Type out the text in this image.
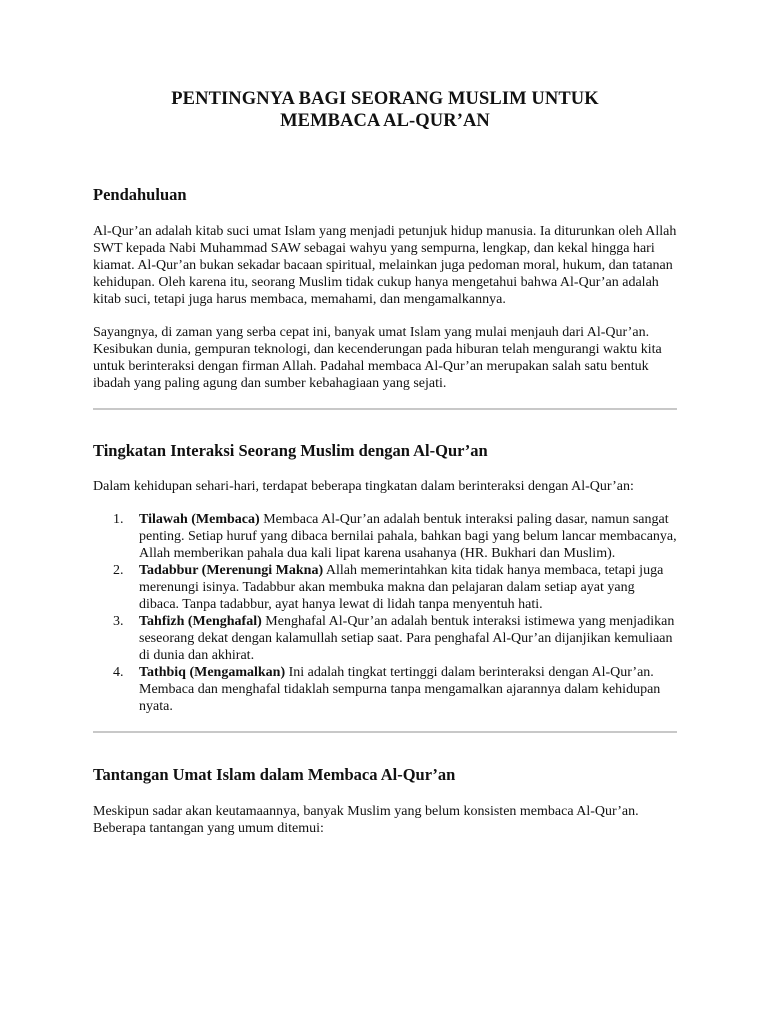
PENTINGNYA BAGI SEORANG MUSLIM UNTUK
MEMBACA AL-QUR’AN
Pendahuluan

Al-Qur’an adalah kitab suci umat Islam yang menjadi petunjuk hidup manusia. Ia diturunkan oleh Allah SWT kepada Nabi Muhammad SAW sebagai wahyu yang sempurna, lengkap, dan kekal hingga hari kiamat. Al-Qur’an bukan sekadar bacaan spiritual, melainkan juga pedoman moral, hukum, dan tatanan kehidupan. Oleh karena itu, seorang Muslim tidak cukup hanya mengetahui bahwa Al-Qur’an adalah kitab suci, tetapi juga harus membaca, memahami, dan mengamalkannya.

Sayangnya, di zaman yang serba cepat ini, banyak umat Islam yang mulai menjauh dari Al-Qur’an. Kesibukan dunia, gempuran teknologi, dan kecenderungan pada hiburan telah mengurangi waktu kita untuk berinteraksi dengan firman Allah. Padahal membaca Al-Qur’an merupakan salah satu bentuk ibadah yang paling agung dan sumber kebahagiaan yang sejati.

Tingkatan Interaksi Seorang Muslim dengan Al-Qur’an

Dalam kehidupan sehari-hari, terdapat beberapa tingkatan dalam berinteraksi dengan Al-Qur’an:

1. Tilawah (Membaca) Membaca Al-Qur’an adalah bentuk interaksi paling dasar, namun sangat penting. Setiap huruf yang dibaca bernilai pahala, bahkan bagi yang belum lancar membacanya, Allah memberikan pahala dua kali lipat karena usahanya (HR. Bukhari dan Muslim).
2. Tadabbur (Merenungi Makna) Allah memerintahkan kita tidak hanya membaca, tetapi juga merenungi isinya. Tadabbur akan membuka makna dan pelajaran dalam setiap ayat yang dibaca. Tanpa tadabbur, ayat hanya lewat di lidah tanpa menyentuh hati.
3. Tahfizh (Menghafal) Menghafal Al-Qur’an adalah bentuk interaksi istimewa yang menjadikan seseorang dekat dengan kalamullah setiap saat. Para penghafal Al-Qur’an dijanjikan kemuliaan di dunia dan akhirat.
4. Tathbiq (Mengamalkan) Ini adalah tingkat tertinggi dalam berinteraksi dengan Al-Qur’an. Membaca dan menghafal tidaklah sempurna tanpa mengamalkan ajarannya dalam kehidupan nyata.
Tantangan Umat Islam dalam Membaca Al-Qur’an

Meskipun sadar akan keutamaannya, banyak Muslim yang belum konsisten membaca Al-Qur’an. Beberapa tantangan yang umum ditemui:
